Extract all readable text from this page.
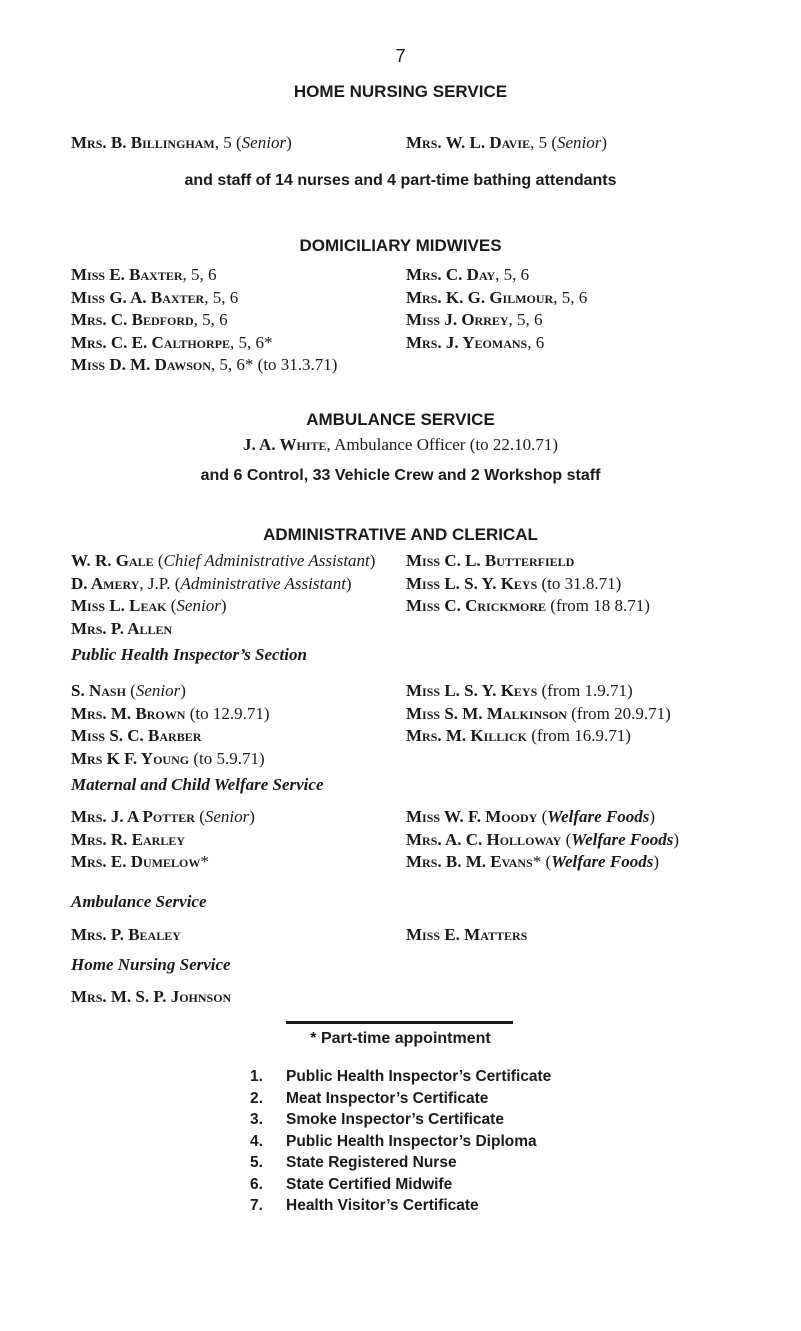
7
HOME NURSING SERVICE
Mrs. B. Billingham, 5 (Senior)	Mrs. W. L. Davie, 5 (Senior)
and staff of 14 nurses and 4 part-time bathing attendants
DOMICILIARY MIDWIVES
Miss E. Baxter, 5, 6
Miss G. A. Baxter, 5, 6
Mrs. C. Bedford, 5, 6
Mrs. C. E. Calthorpe, 5, 6*
Miss D. M. Dawson, 5, 6* (to 31.3.71)
Mrs. C. Day, 5, 6
Mrs. K. G. Gilmour, 5, 6
Miss J. Orrey, 5, 6
Mrs. J. Yeomans, 6
AMBULANCE SERVICE
J. A. White, Ambulance Officer (to 22.10.71)
and 6 Control, 33 Vehicle Crew and 2 Workshop staff
ADMINISTRATIVE AND CLERICAL
W. R. Gale (Chief Administrative Assistant)
D. Amery, J.P. (Administrative Assistant)
Miss L. Leak (Senior)
Mrs. P. Allen
Miss C. L. Butterfield
Miss L. S. Y. Keys (to 31.8.71)
Miss C. Crickmore (from 18 8.71)
Public Health Inspector’s Section
S. Nash (Senior)
Mrs. M. Brown (to 12.9.71)
Miss S. C. Barber
Mrs K F. Young (to 5.9.71)
Miss L. S. Y. Keys (from 1.9.71)
Miss S. M. Malkinson (from 20.9.71)
Mrs. M. Killick (from 16.9.71)
Maternal and Child Welfare Service
Mrs. J. A Potter (Senior)
Mrs. R. Earley
Mrs. E. Dumelow*
Miss W. F. Moody (Welfare Foods)
Mrs. A. C. Holloway (Welfare Foods)
Mrs. B. M. Evans* (Welfare Foods)
Ambulance Service
Mrs. P. Bealey	Miss E. Matters
Home Nursing Service
Mrs. M. S. P. Johnson
* Part-time appointment
1. Public Health Inspector’s Certificate
2. Meat Inspector’s Certificate
3. Smoke Inspector’s Certificate
4. Public Health Inspector’s Diploma
5. State Registered Nurse
6. State Certified Midwife
7. Health Visitor’s Certificate
